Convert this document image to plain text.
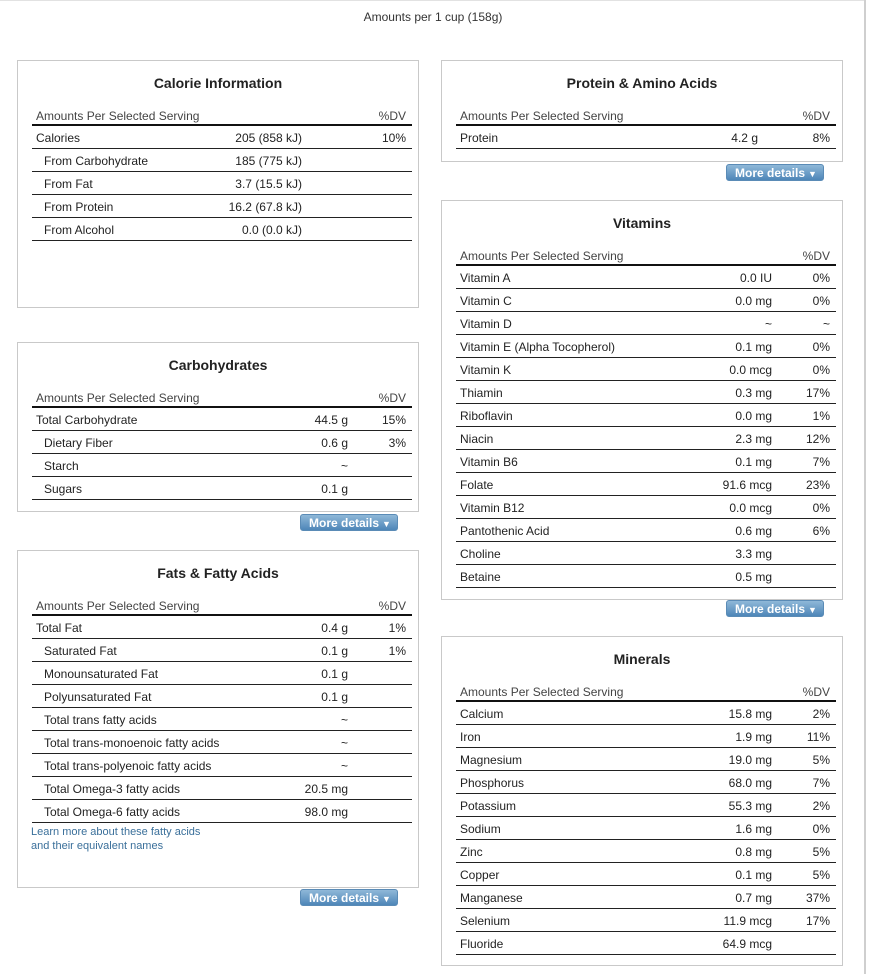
Amounts per 1 cup (158g)
Calorie Information
Amounts Per Selected Serving	%DV
Calories	205 (858 kJ)	10%
From Carbohydrate	185 (775 kJ)
From Fat	3.7 (15.5 kJ)
From Protein	16.2 (67.8 kJ)
From Alcohol	0.0 (0.0 kJ)
Carbohydrates
Amounts Per Selected Serving	%DV
Total Carbohydrate	44.5 g	15%
Dietary Fiber	0.6 g	3%
Starch	~
Sugars	0.1 g
More details ▼
Fats & Fatty Acids
Amounts Per Selected Serving	%DV
Total Fat	0.4 g	1%
Saturated Fat	0.1 g	1%
Monounsaturated Fat	0.1 g
Polyunsaturated Fat	0.1 g
Total trans fatty acids	~
Total trans-monoenoic fatty acids	~
Total trans-polyenoic fatty acids	~
Total Omega-3 fatty acids	20.5 mg
Total Omega-6 fatty acids	98.0 mg
Learn more about these fatty acids
and their equivalent names
More details ▼
Protein & Amino Acids
Amounts Per Selected Serving	%DV
Protein	4.2 g	8%
More details ▼
Vitamins
Amounts Per Selected Serving	%DV
Vitamin A	0.0 IU	0%
Vitamin C	0.0 mg	0%
Vitamin D	~	~
Vitamin E (Alpha Tocopherol)	0.1 mg	0%
Vitamin K	0.0 mcg	0%
Thiamin	0.3 mg	17%
Riboflavin	0.0 mg	1%
Niacin	2.3 mg	12%
Vitamin B6	0.1 mg	7%
Folate	91.6 mcg	23%
Vitamin B12	0.0 mcg	0%
Pantothenic Acid	0.6 mg	6%
Choline	3.3 mg
Betaine	0.5 mg
More details ▼
Minerals
Amounts Per Selected Serving	%DV
Calcium	15.8 mg	2%
Iron	1.9 mg	11%
Magnesium	19.0 mg	5%
Phosphorus	68.0 mg	7%
Potassium	55.3 mg	2%
Sodium	1.6 mg	0%
Zinc	0.8 mg	5%
Copper	0.1 mg	5%
Manganese	0.7 mg	37%
Selenium	11.9 mcg	17%
Fluoride	64.9 mcg
